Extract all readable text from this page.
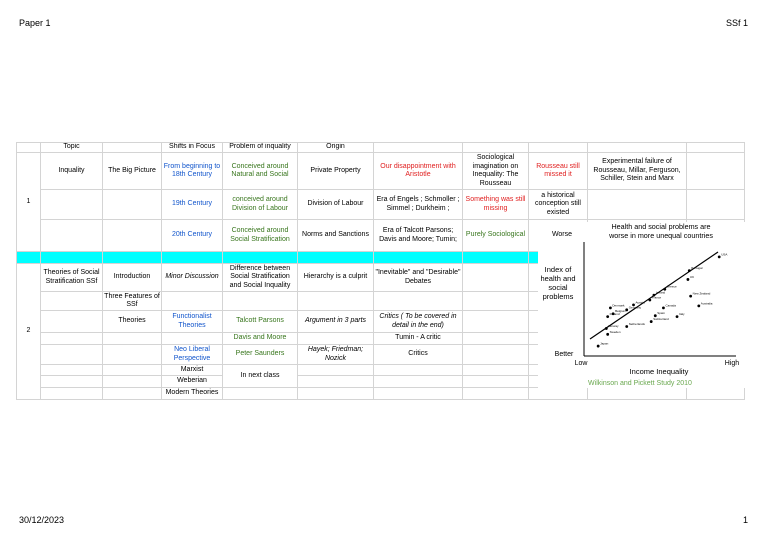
Paper 1	SSf 1
30/12/2023	1
	Topic		Shifts in Focus	Problem of inquality	Origin					
1	Inquality	The Big Picture	From beginning to 18th Century	Conceived around Natural and Social	Private Property	Our disappointment with Aristotle	Sociological imagination on Inequality: The Rousseau	Rousseau still missed it	Experimental failure of Rousseau, Millar, Ferguson, Schiller, Stein and Marx	
			19th Century	conceived around Division of Labour	Division of Labour	Era of Engels ; Schmoller ; Simmel ; Durkheim ;	Something was still missing	a historical conception still existed		
			20th Century	Conceived around Social Stratification	Norms and Sanctions	Era of Talcott Parsons; Davis and Moore; Tumin;	Purely Sociological			

2	Theories of Social Stratification SSf	Introduction	Minor Discussion	Difference between Social Stratification and Social Inquality	Hierarchy is a culprit	"Inevitable" and "Desirable" Debates				
		Three Features of SSf								
		Theories	Functionalist Theories	Talcott Parsons	Argument in 3 parts	Critics ( To be covered in detail in the end)				
				Davis and Moore		Tumin - A critic				
			Neo Liberal Perspective	Peter Saunders	Hayek; Friedman; Nozick	Critics				
			Marxist	In next class						
			Weberian							
			Modern Theories							
Health and social problems are
worse in more unequal countries
Worse
Index of health and social problems
Better
Low	High
Income Inequality
Wilkinson and Pickett Study 2010
USA
Portugal
UK
Greece
Ireland
France
New Zealand
Australia
Austria
Denmark Germany	Canada
Belgium
Finland	Spain	Italy
Switzerland
Netherlands
Norway
Sweden
Japan
